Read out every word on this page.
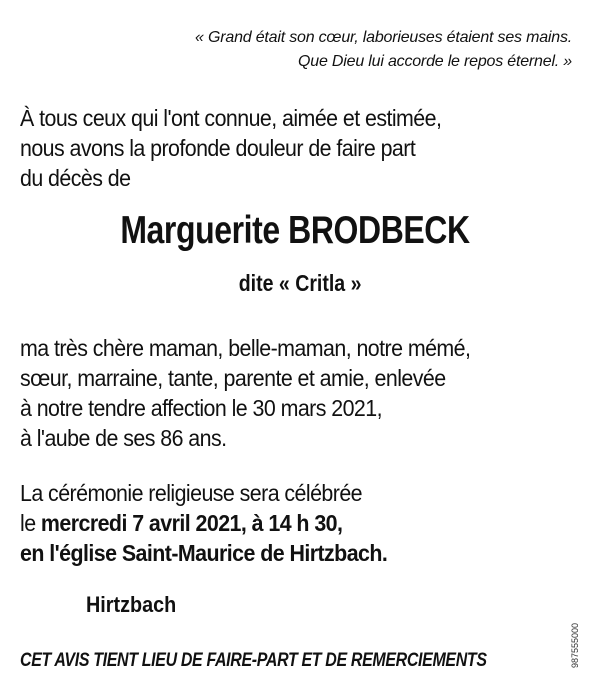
« Grand était son cœur, laborieuses étaient ses mains.
Que Dieu lui accorde le repos éternel. »
À tous ceux qui l'ont connue, aimée et estimée,
nous avons la profonde douleur de faire part
du décès de
Marguerite BRODBECK
dite « Critla »
ma très chère maman, belle-maman, notre mémé,
sœur, marraine, tante, parente et amie, enlevée
à notre tendre affection le 30 mars 2021,
à l'aube de ses 86 ans.
La cérémonie religieuse sera célébrée
le mercredi 7 avril 2021, à 14 h 30,
en l'église Saint-Maurice de Hirtzbach.
Hirtzbach
CET AVIS TIENT LIEU DE FAIRE-PART ET DE REMERCIEMENTS	987555000
